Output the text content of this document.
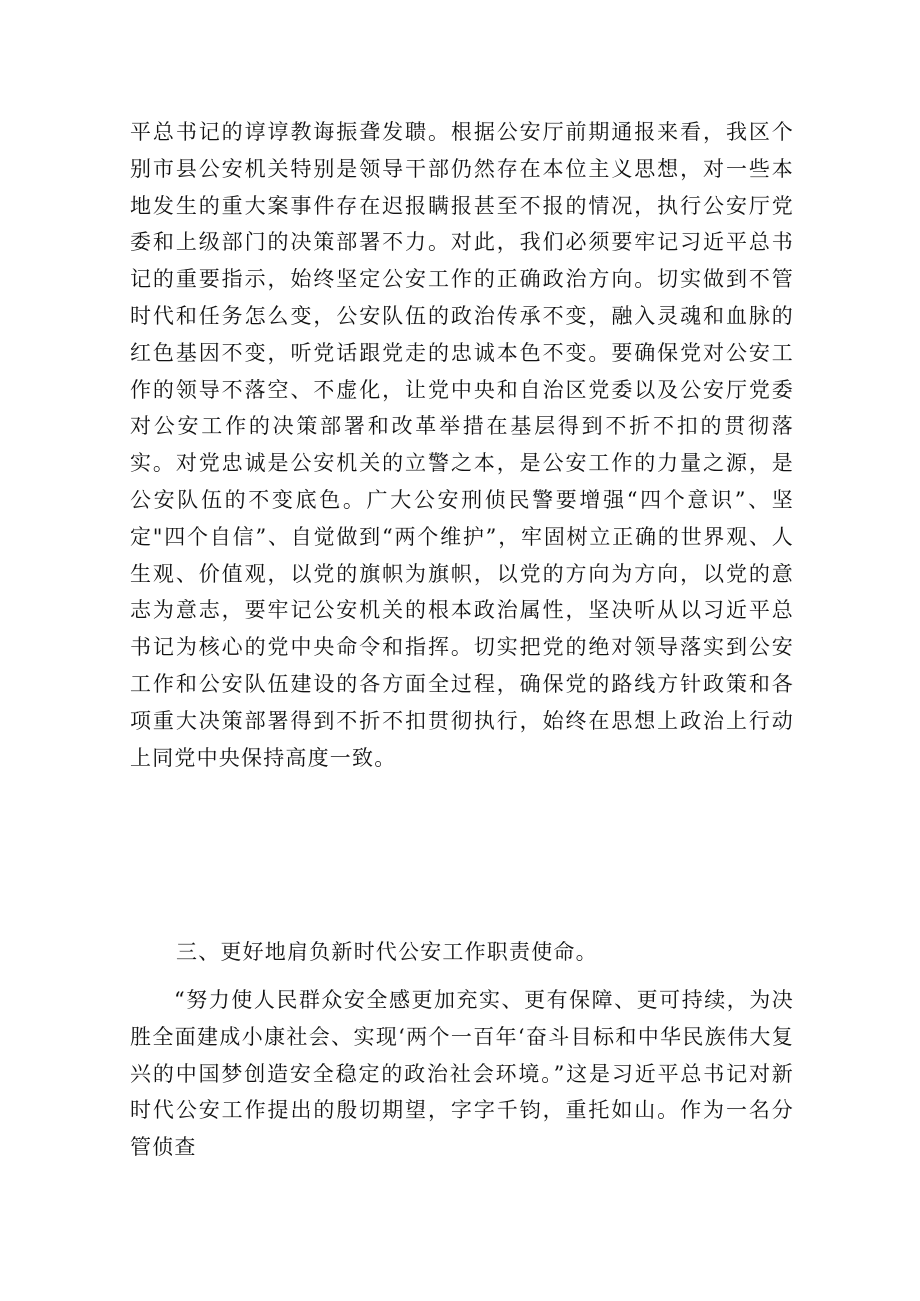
平总书记的谆谆教诲振聋发聩。根据公安厅前期通报来看，我区个别市县公安机关特别是领导干部仍然存在本位主义思想，对一些本地发生的重大案事件存在迟报瞒报甚至不报的情况，执行公安厅党委和上级部门的决策部署不力。对此，我们必须要牢记习近平总书记的重要指示，始终坚定公安工作的正确政治方向。切实做到不管时代和任务怎么变，公安队伍的政治传承不变，融入灵魂和血脉的红色基因不变，听党话跟党走的忠诚本色不变。要确保党对公安工作的领导不落空、不虚化，让党中央和自治区党委以及公安厅党委对公安工作的决策部署和改革举措在基层得到不折不扣的贯彻落实。对党忠诚是公安机关的立警之本，是公安工作的力量之源，是公安队伍的不变底色。广大公安刑侦民警要增强“四个意识”、坚定"四个自信”、自觉做到“两个维护”，牢固树立正确的世界观、人生观、价值观，以党的旗帜为旗帜，以党的方向为方向，以党的意志为意志，要牢记公安机关的根本政治属性，坚决听从以习近平总书记为核心的党中央命令和指挥。切实把党的绝对领导落实到公安工作和公安队伍建设的各方面全过程，确保党的路线方针政策和各项重大决策部署得到不折不扣贯彻执行，始终在思想上政治上行动上同党中央保持高度一致。
三、更好地肩负新时代公安工作职责使命。
“努力使人民群众安全感更加充实、更有保障、更可持续，为决胜全面建成小康社会、实现‘两个一百年‘奋斗目标和中华民族伟大复兴的中国梦创造安全稳定的政治社会环境。”这是习近平总书记对新时代公安工作提出的殷切期望，字字千钧，重托如山。作为一名分管侦查
